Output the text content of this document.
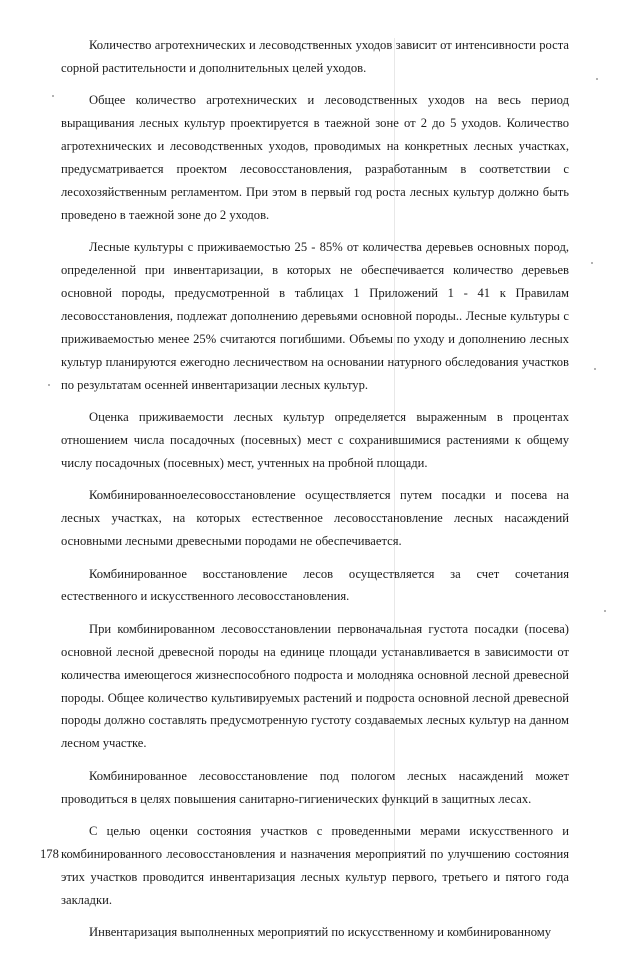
Количество агротехнических и лесоводственных уходов зависит от интенсивности роста сорной растительности и дополнительных целей уходов.

Общее количество агротехнических и лесоводственных уходов на весь период выращивания лесных культур проектируется в таежной зоне от 2 до 5 уходов. Количество агротехнических и лесоводственных уходов, проводимых на конкретных лесных участках, предусматривается проектом лесовосстановления, разработанным в соответствии с лесохозяйственным регламентом. При этом в первый год роста лесных культур должно быть проведено в таежной зоне до 2 уходов.

Лесные культуры с приживаемостью 25 - 85% от количества деревьев основных пород, определенной при инвентаризации, в которых не обеспечивается количество деревьев основной породы, предусмотренной в таблицах 1 Приложений 1 - 41 к Правилам лесовосстановления, подлежат дополнению деревьями основной породы.. Лесные культуры с приживаемостью менее 25% считаются погибшими. Объемы по уходу и дополнению лесных культур планируются ежегодно лесничеством на основании натурного обследования участков по результатам осенней инвентаризации лесных культур.

Оценка приживаемости лесных культур определяется выраженным в процентах отношением числа посадочных (посевных) мест с сохранившимися растениями к общему числу посадочных (посевных) мест, учтенных на пробной площади.

Комбинированноелесовосстановление осуществляется путем посадки и посева на лесных участках, на которых естественное лесовосстановление лесных насаждений основными лесными древесными породами не обеспечивается.

Комбинированное восстановление лесов осуществляется за счет сочетания естественного и искусственного лесовосстановления.

При комбинированном лесовосстановлении первоначальная густота посадки (посева) основной лесной древесной породы на единице площади устанавливается в зависимости от количества имеющегося жизнеспособного подроста и молодняка основной лесной древесной породы. Общее количество культивируемых растений и подроста основной лесной древесной породы должно составлять предусмотренную густоту создаваемых лесных культур на данном лесном участке.

Комбинированное лесовосстановление под пологом лесных насаждений может проводиться в целях повышения санитарно-гигиенических функций в защитных лесах.

С целью оценки состояния участков с проведенными мерами искусственного и комбинированного лесовосстановления и назначения мероприятий по улучшению состояния этих участков проводится инвентаризация лесных культур первого, третьего и пятого года закладки.

Инвентаризация выполненных мероприятий по искусственному и комбинированному

178
